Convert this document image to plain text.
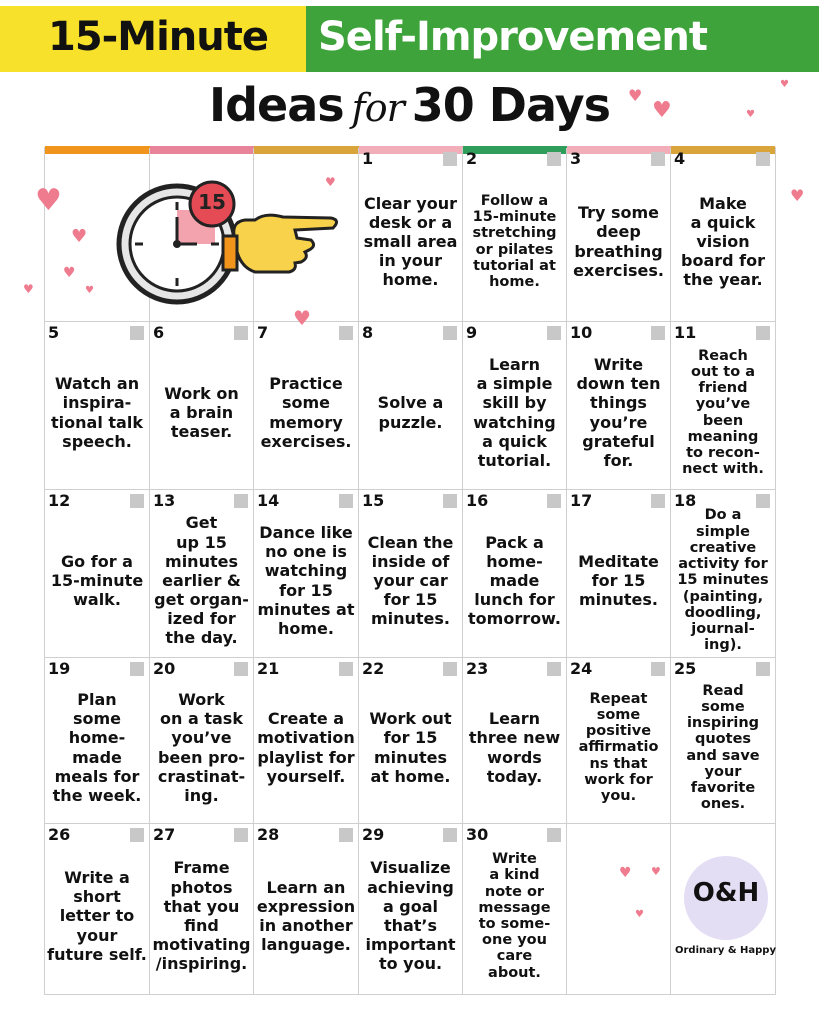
15-Minute Self-Improvement
Ideas for 30 Days
1
Clear your
desk or a
small area
in your
home.
2
Follow a
15-minute
stretching
or pilates
tutorial at
home.
3
Try some
deep
breathing
exercises.
4
Make
a quick
vision
board for
the year.
5
Watch an
inspira-
tional talk
speech.
6
Work on
a brain
teaser.
7
Practice
some
memory
exercises.
8
Solve a
puzzle.
9
Learn
a simple
skill by
watching
a quick
tutorial.
10
Write
down ten
things
you’re
grateful
for.
11
Reach
out to a
friend
you’ve
been
meaning
to recon-
nect with.
12
Go for a
15-minute
walk.
13
Get
up 15
minutes
earlier &
get organ-
ized for
the day.
14
Dance like
no one is
watching
for 15
minutes at
home.
15
Clean the
inside of
your car
for 15
minutes.
16
Pack a
home-
made
lunch for
tomorrow.
17
Meditate
for 15
minutes.
18
Do a
simple
creative
activity for
15 minutes
(painting,
doodling,
journal-
ing).
19
Plan
some
home-
made
meals for
the week.
20
Work
on a task
you’ve
been pro-
crastinat-
ing.
21
Create a
motivation
playlist for
yourself.
22
Work out
for 15
minutes
at home.
23
Learn
three new
words
today.
24
Repeat
some
positive
affirmatio
ns that
work for
you.
25
Read
some
inspiring
quotes
and save
your
favorite
ones.
26
Write a
short
letter to
your
future self.
27
Frame
photos
that you
find
motivating
/inspiring.
28
Learn an
expression
in another
language.
29
Visualize
achieving
a goal
that’s
important
to you.
30
Write
a kind
note or
message
to some-
one you
care
about.
15
O&H
Ordinary & Happy
♥
♥
♥
♥
♥
♥ ♥
♥
♥	♥
♥
♥
♥
♥
♥
